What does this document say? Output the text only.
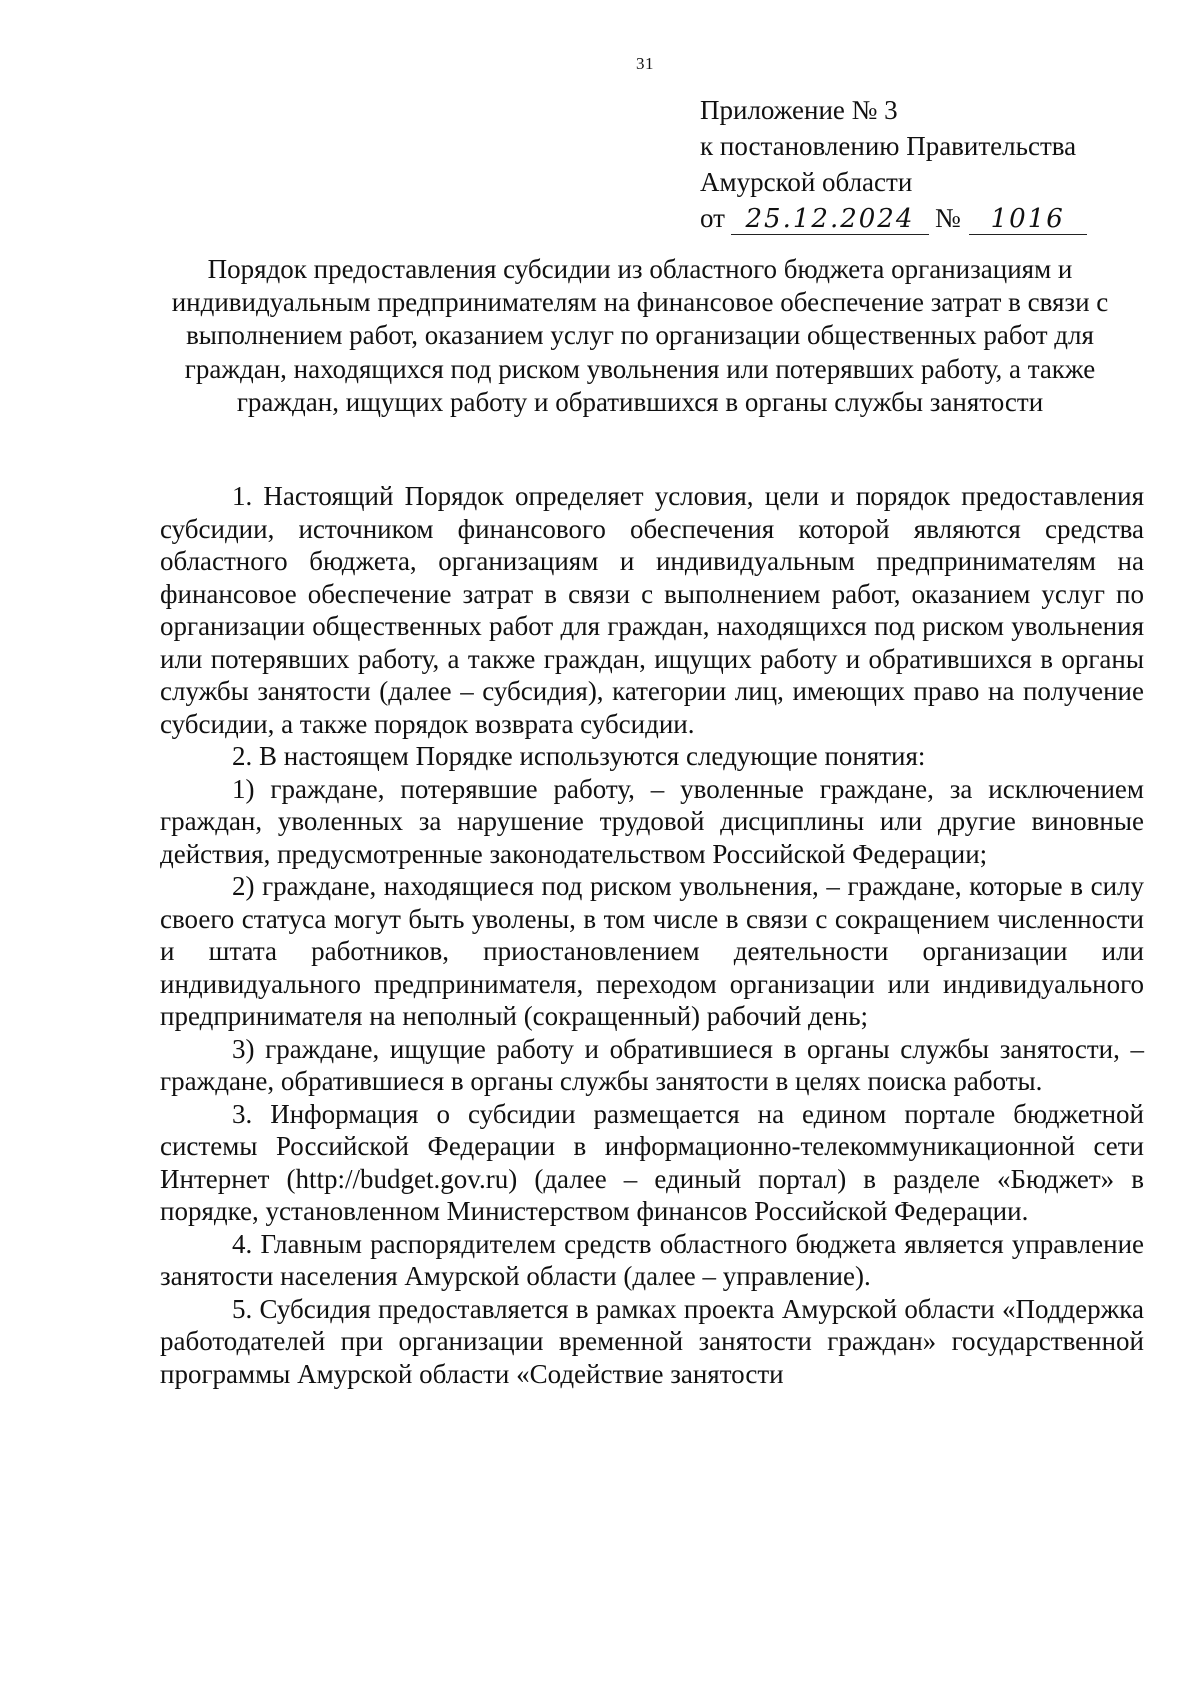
31
Приложение № 3
к постановлению Правительства
Амурской области
от 25.12.2024 №	1016
Порядок предоставления субсидии из областного бюджета организациям и индивидуальным предпринимателям на финансовое обеспечение затрат в связи с выполнением работ, оказанием услуг по организации общественных работ для граждан, находящихся под риском увольнения или потерявших работу, а также граждан, ищущих работу и обратившихся в органы службы занятости

1. Настоящий Порядок определяет условия, цели и порядок предоставления субсидии, источником финансового обеспечения которой являются средства областного бюджета, организациям и индивидуальным предпринимателям на финансовое обеспечение затрат в связи с выполнением работ, оказанием услуг по организации общественных работ для граждан, находящихся под риском увольнения или потерявших работу, а также граждан, ищущих работу и обратившихся в органы службы занятости (далее – субсидия), категории лиц, имеющих право на получение субсидии, а также порядок возврата субсидии.

2. В настоящем Порядке используются следующие понятия:

1) граждане, потерявшие работу, – уволенные граждане, за исключением граждан, уволенных за нарушение трудовой дисциплины или другие виновные действия, предусмотренные законодательством Российской Федерации;

2) граждане, находящиеся под риском увольнения, – граждане, которые в силу своего статуса могут быть уволены, в том числе в связи с сокращением численности и штата работников, приостановлением деятельности организации или индивидуального предпринимателя, переходом организации или индивидуального предпринимателя на неполный (сокращенный) рабочий день;

3) граждане, ищущие работу и обратившиеся в органы службы занятости, – граждане, обратившиеся в органы службы занятости в целях поиска работы.

3. Информация о субсидии размещается на едином портале бюджетной системы Российской Федерации в информационно-телекоммуникационной сети Интернет (http://budget.gov.ru) (далее – единый портал) в разделе «Бюджет» в порядке, установленном Министерством финансов Российской Федерации.

4. Главным распорядителем средств областного бюджета является управление занятости населения Амурской области (далее – управление).

5. Субсидия предоставляется в рамках проекта Амурской области «Поддержка работодателей при организации временной занятости граждан» государственной программы Амурской области «Содействие занятости
